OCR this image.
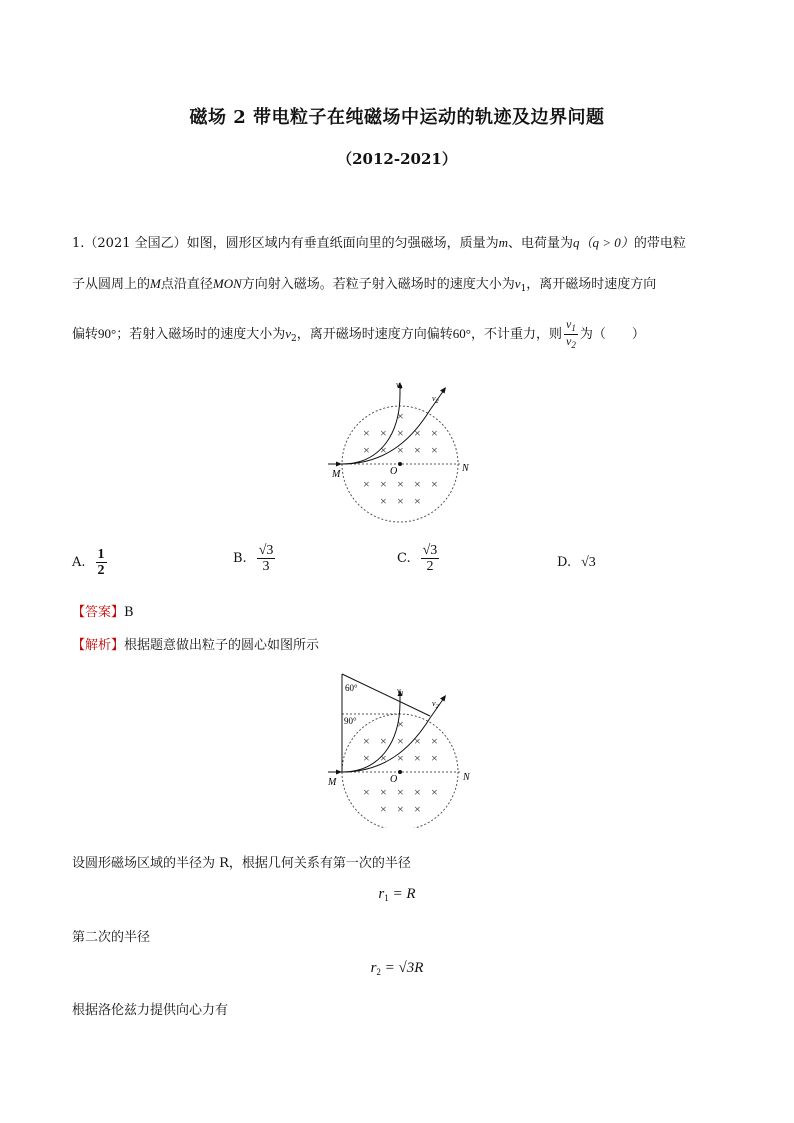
磁场 2 带电粒子在纯磁场中运动的轨迹及边界问题
（2012-2021）
1.（2021 全国乙）如图，圆形区域内有垂直纸面向里的匀强磁场，质量为m、电荷量为q（q > 0）的带电粒
子从圆周上的M点沿直径MON方向射入磁场。若粒子射入磁场时的速度大小为$v_1$，离开磁场时速度方向
偏转90°；若射入磁场时的速度大小为$v_2$，离开磁场时速度方向偏转60°，不计重力，则 $\frac{v_1}{v_2}$ 为（　　）
$v_1$
$v_2$
M	O	N
×
× × × × ×
× × × × ×
× × × × ×
× × ×
A. $\frac{1}{2}$	B. $\frac{√3}{3}$	C. $\frac{√3}{2}$	D. √3
【答案】B
【解析】根据题意做出粒子的圆心如图所示
60°
90°
$v_1$
$v_2$
M	O	N
×
× × × × ×
× × × × ×
× × × × ×
× × ×
设圆形磁场区域的半径为 R，根据几何关系有第一次的半径
$r_1 = R$
第二次的半径
$r_2 = √3R$
根据洛伦兹力提供向心力有
